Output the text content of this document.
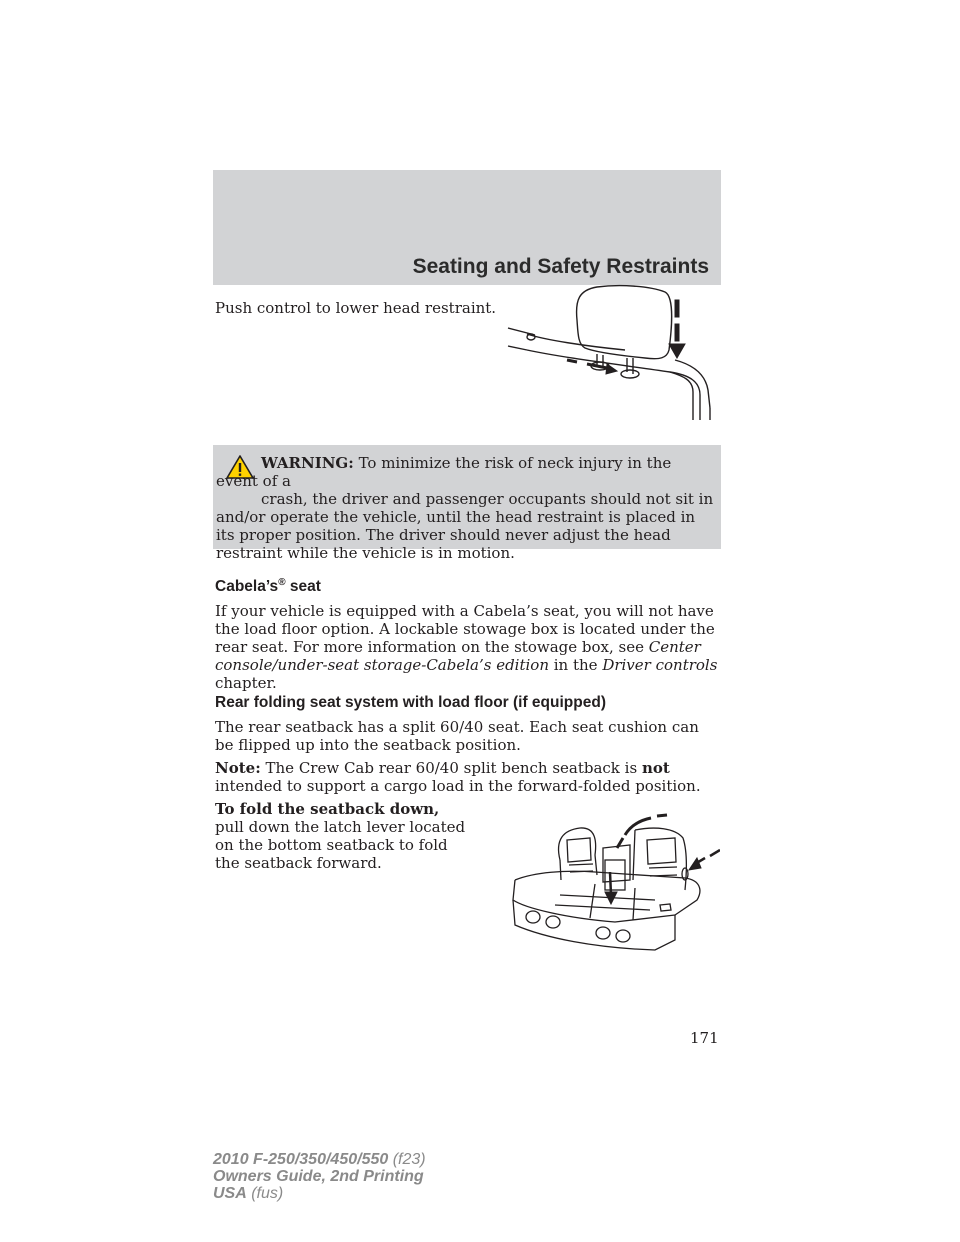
Seating and Safety Restraints

Push control to lower head restraint.

WARNING: To minimize the risk of neck injury in the event of a
crash, the driver and passenger occupants should not sit in
and/or operate the vehicle, until the head restraint is placed in its proper position. The driver should never adjust the head restraint while the vehicle is in motion.

Cabela’s® seat

If your vehicle is equipped with a Cabela’s seat, you will not have the load floor option. A lockable stowage box is located under the rear seat. For more information on the stowage box, see Center console/under-seat storage-Cabela’s edition in the Driver controls chapter.

Rear folding seat system with load floor (if equipped)

The rear seatback has a split 60/40 seat. Each seat cushion can be flipped up into the seatback position.

Note: The Crew Cab rear 60/40 split bench seatback is not intended to support a cargo load in the forward-folded position.

To fold the seatback down, pull down the latch lever located on the bottom seatback to fold the seatback forward.

171
2010 F-250/350/450/550 (f23)
Owners Guide, 2nd Printing
USA (fus)
